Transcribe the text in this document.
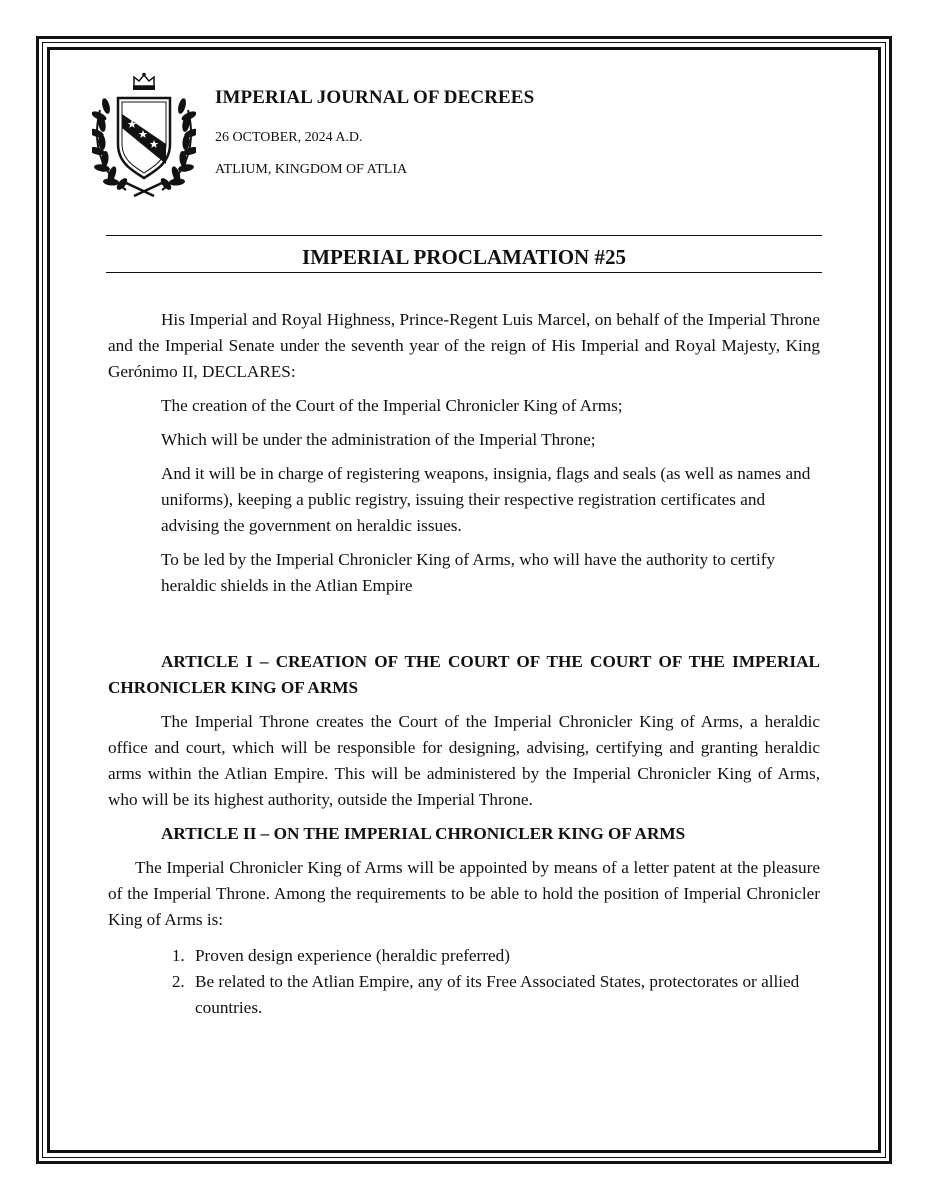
IMPERIAL JOURNAL OF DECREES
26 OCTOBER, 2024 A.D.
ATLIUM, KINGDOM OF ATLIA
IMPERIAL PROCLAMATION #25

His Imperial and Royal Highness, Prince-Regent Luis Marcel, on behalf of the Imperial Throne and the Imperial Senate under the seventh year of the reign of His Imperial and Royal Majesty, King Gerónimo II, DECLARES:

The creation of the Court of the Imperial Chronicler King of Arms;

Which will be under the administration of the Imperial Throne;

And it will be in charge of registering weapons, insignia, flags and seals (as well as names and uniforms), keeping a public registry, issuing their respective registration certificates and advising the government on heraldic issues.

To be led by the Imperial Chronicler King of Arms, who will have the authority to certify heraldic shields in the Atlian Empire

ARTICLE I – CREATION OF THE COURT OF THE COURT OF THE IMPERIAL CHRONICLER KING OF ARMS

The Imperial Throne creates the Court of the Imperial Chronicler King of Arms, a heraldic office and court, which will be responsible for designing, advising, certifying and granting heraldic arms within the Atlian Empire. This will be administered by the Imperial Chronicler King of Arms, who will be its highest authority, outside the Imperial Throne.

ARTICLE II – ON THE IMPERIAL CHRONICLER KING OF ARMS

The Imperial Chronicler King of Arms will be appointed by means of a letter patent at the pleasure of the Imperial Throne. Among the requirements to be able to hold the position of Imperial Chronicler King of Arms is:

1. Proven design experience (heraldic preferred)
2. Be related to the Atlian Empire, any of its Free Associated States, protectorates or allied countries.
